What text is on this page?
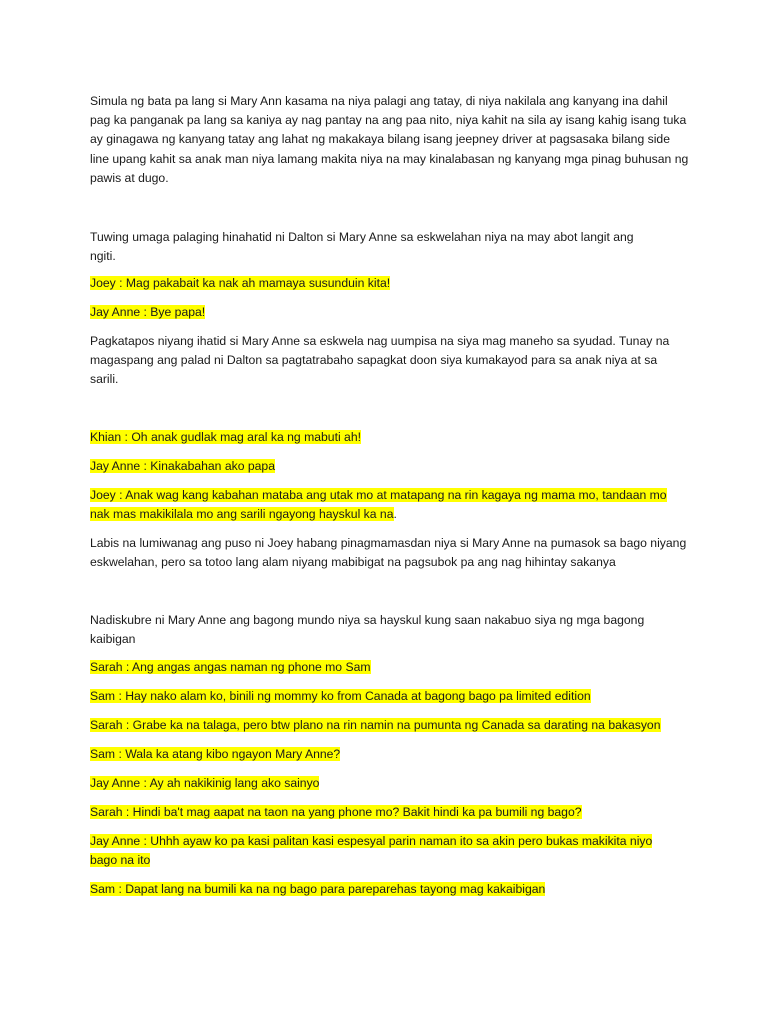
Simula ng bata pa lang si Mary Ann kasama na niya palagi ang tatay, di niya nakilala ang kanyang ina dahil pag ka panganak pa lang sa kaniya ay nag pantay na ang paa nito, niya kahit na sila ay isang kahig isang tuka ay ginagawa ng kanyang tatay ang lahat ng makakaya bilang isang jeepney driver at pagsasaka bilang side line upang kahit sa anak man niya lamang makita niya na may kinalabasan ng kanyang mga pinag buhusan ng pawis at dugo.

Tuwing umaga palaging hinahatid ni Dalton si Mary Anne sa eskwelahan niya na may abot langit ang ngiti.

Joey : Mag pakabait ka nak ah mamaya susunduin kita!

Jay Anne : Bye papa!

Pagkatapos niyang ihatid si Mary Anne sa eskwela nag uumpisa na siya mag maneho sa syudad. Tunay na magaspang ang palad ni Dalton sa pagtatrabaho sapagkat doon siya kumakayod para sa anak niya at sa sarili.

Khian : Oh anak gudlak mag aral ka ng mabuti ah!

Jay Anne : Kinakabahan ako papa

Joey : Anak wag kang kabahan mataba ang utak mo at matapang na rin kagaya ng mama mo, tandaan mo nak mas makikilala mo ang sarili ngayong hayskul ka na.

Labis na lumiwanag ang puso ni Joey habang pinagmamasdan niya si Mary Anne na pumasok sa bago niyang eskwelahan, pero sa totoo lang alam niyang mabibigat na pagsubok pa ang nag hihintay sakanya

Nadiskubre ni Mary Anne ang bagong mundo niya sa hayskul kung saan nakabuo siya ng mga bagong kaibigan

Sarah : Ang angas angas naman ng phone mo Sam

Sam : Hay nako alam ko, binili ng mommy ko from Canada at bagong bago pa limited edition

Sarah : Grabe ka na talaga, pero btw plano na rin namin na pumunta ng Canada sa darating na bakasyon

Sam : Wala ka atang kibo ngayon Mary Anne?

Jay Anne : Ay ah nakikinig lang ako sainyo

Sarah : Hindi ba't mag aapat na taon na yang phone mo? Bakit hindi ka pa bumili ng bago?

Jay Anne : Uhhh ayaw ko pa kasi palitan kasi espesyal parin naman ito sa akin pero bukas makikita niyo bago na ito

Sam : Dapat lang na bumili ka na ng bago para pareparehas tayong mag kakaibigan
